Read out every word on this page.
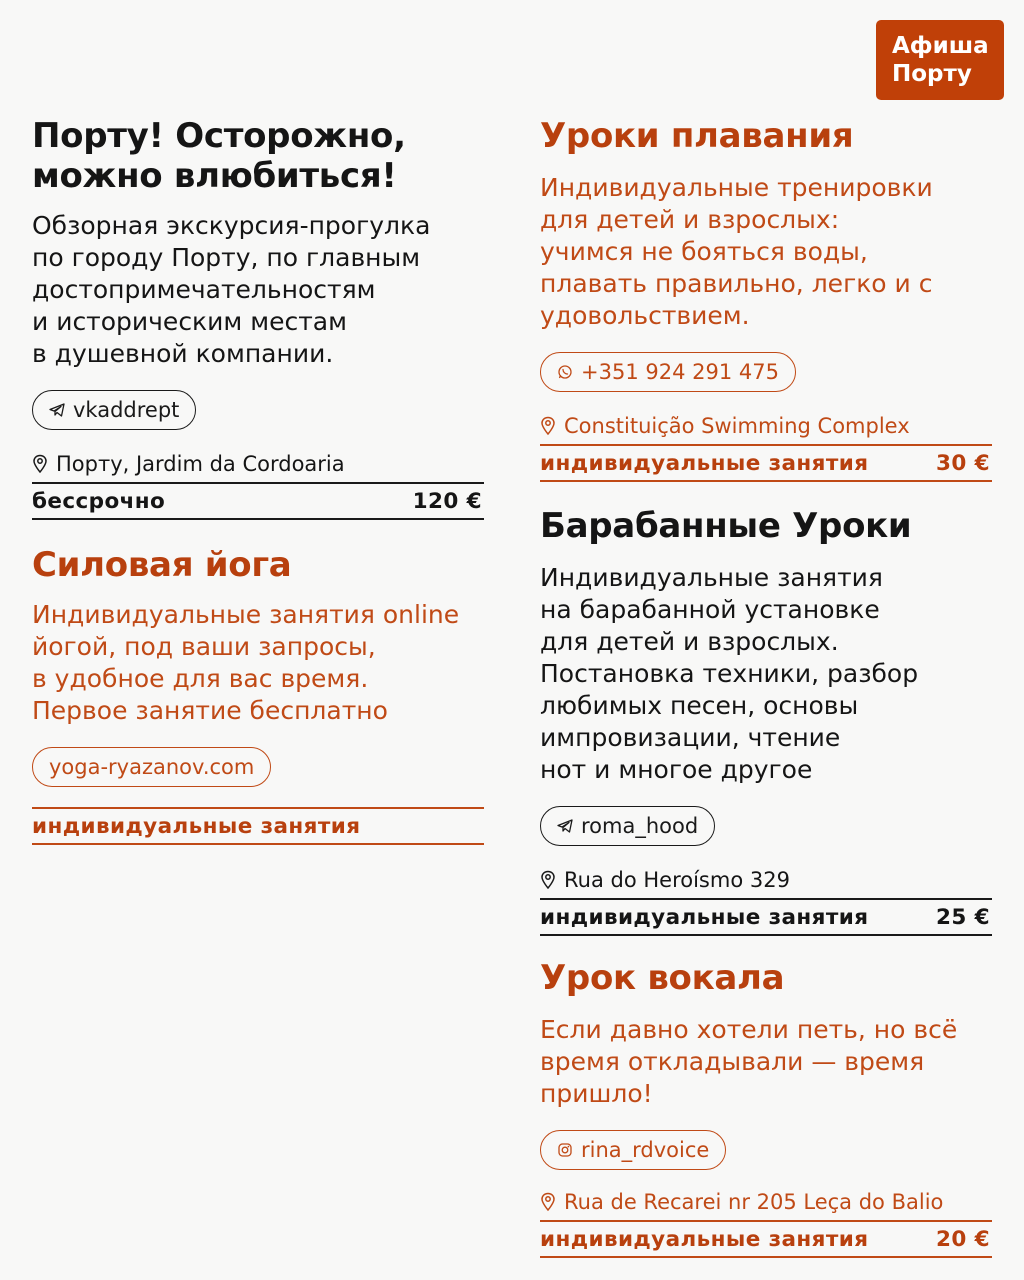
Афиша
Порту
Порту! Осторожно,
можно влюбиться!
Обзорная экскурсия-прогулка
по городу Порту, по главным
достопримечательностям
и историческим местам
в душевной компании.
vkaddrept
Порту, Jardim da Cordoaria
бессрочно	120 €
Силовая йога
Индивидуальные занятия online
йогой, под ваши запросы,
в удобное для вас время.
Первое занятие бесплатно
yoga-ryazanov.com
индивидуальные занятия
Уроки плавания
Индивидуальные тренировки
для детей и взрослых:
учимся не бояться воды,
плавать правильно, легко и с
удовольствием.
+351 924 291 475
Constituição Swimming Complex
индивидуальные занятия	30 €
Барабанные Уроки
Индивидуальные занятия
на барабанной установке
для детей и взрослых.
Постановка техники, разбор
любимых песен, основы
импровизации, чтение
нот и многое другое
roma_hood
Rua do Heroísmo 329
индивидуальные занятия	25 €
Урок вокала
Если давно хотели петь, но всё
время откладывали — время
пришло!
rina_rdvoice
Rua de Recarei nr 205 Leça do Balio
индивидуальные занятия	20 €
